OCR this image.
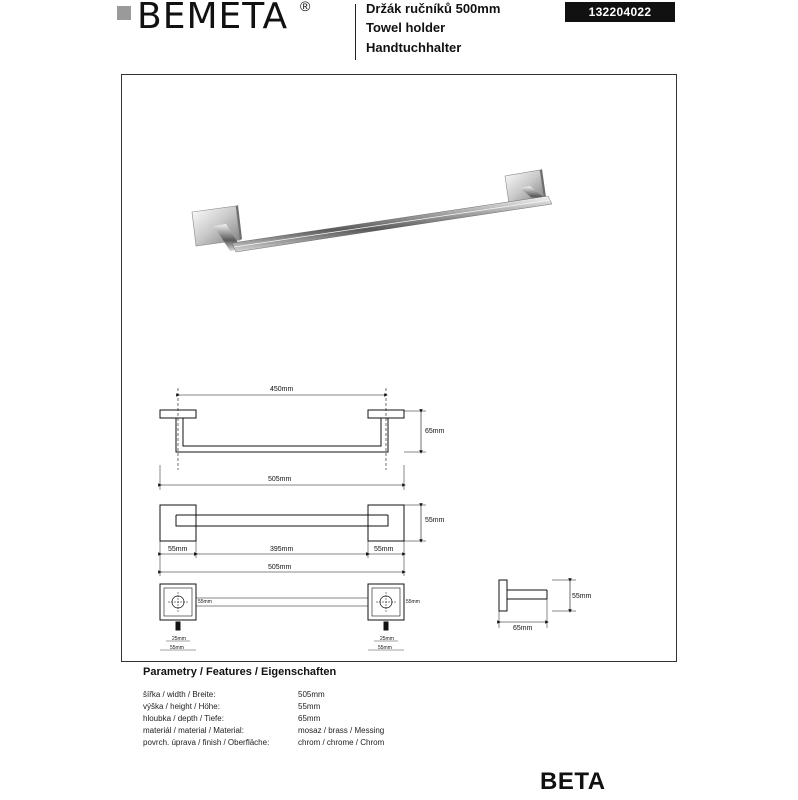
BEMETA ®	Držák ručníků 500mm
Towel holder
Handtuchhalter
132204022
450mm
65mm
505mm
55mm
55mm	395mm	55mm
505mm
55mm	55mm
25mm
55mm
25mm
55mm
55mm
65mm
Parametry / Features / Eigenschaften
šířka / width / Breite:	505mm
výška / height / Höhe:	55mm
hloubka / depth / Tiefe:	65mm
materiál / material / Material:	mosaz / brass / Messing
povrch. úprava / finish / Oberfläche:	chrom / chrome / Chrom
BETA
